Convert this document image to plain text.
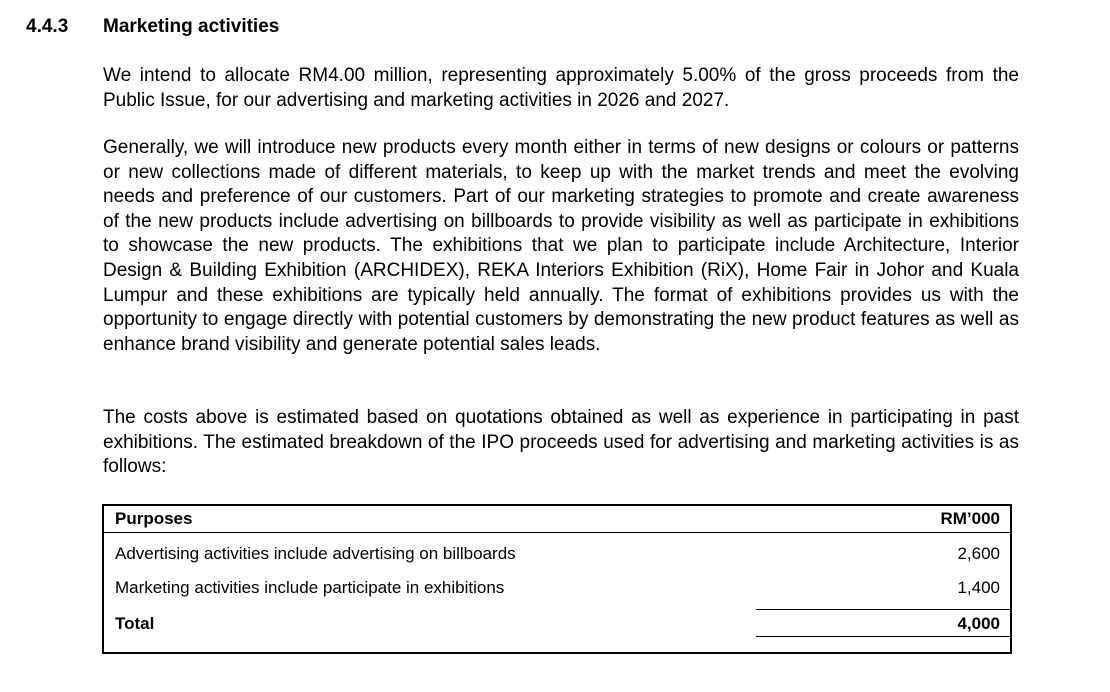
4.4.3 Marketing activities

We intend to allocate RM4.00 million, representing approximately 5.00% of the gross proceeds from the Public Issue, for our advertising and marketing activities in 2026 and 2027.

Generally, we will introduce new products every month either in terms of new designs or colours or patterns or new collections made of different materials, to keep up with the market trends and meet the evolving needs and preference of our customers. Part of our marketing strategies to promote and create awareness of the new products include advertising on billboards to provide visibility as well as participate in exhibitions to showcase the new products. The exhibitions that we plan to participate include Architecture, Interior Design & Building Exhibition (ARCHIDEX), REKA Interiors Exhibition (RiX), Home Fair in Johor and Kuala Lumpur and these exhibitions are typically held annually. The format of exhibitions provides us with the opportunity to engage directly with potential customers by demonstrating the new product features as well as enhance brand visibility and generate potential sales leads.

The costs above is estimated based on quotations obtained as well as experience in participating in past exhibitions. The estimated breakdown of the IPO proceeds used for advertising and marketing activities is as follows:

Purposes	RM’000
Advertising activities include advertising on billboards	2,600
Marketing activities include participate in exhibitions	1,400
Total	4,000
